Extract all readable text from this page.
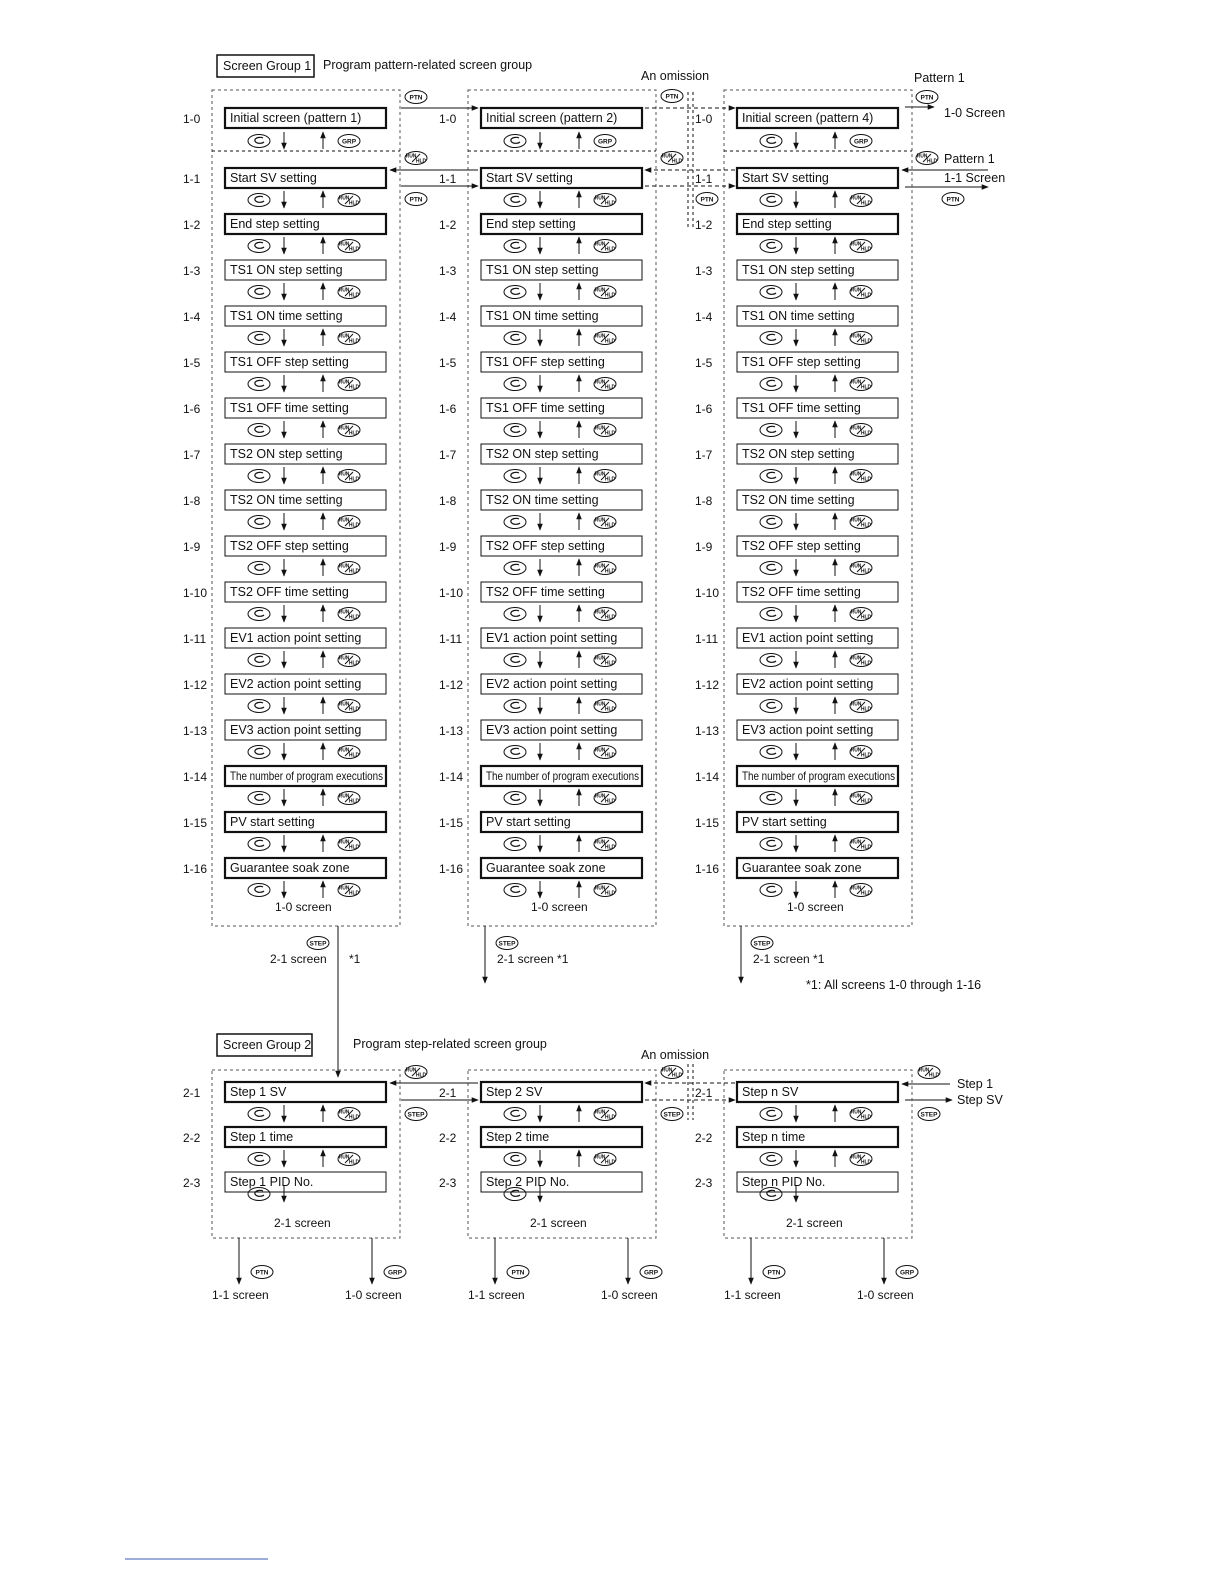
Screen Group 1 Program pattern-related screen group
An omission	Pattern 1
1-0 Screen
Pattern 1
1-1 Screen
*1: All screens 1-0 through 1-16
Screen Group 2	Program step-related screen group
An omission
Step 1
Step SV
1-0 Initial screen (pattern 1)
GRP
1-1 Start SV setting
RUN
HLD
1-2 End step setting
RUN
HLD
1-3 TS1 ON step setting
RUN
HLD
1-4 TS1 ON time setting
RUN
HLD
1-5 TS1 OFF step setting
RUN
HLD
1-6 TS1 OFF time setting
RUN
HLD
1-7 TS2 ON step setting
RUN
HLD
1-8 TS2 ON time setting
RUN
HLD
1-9 TS2 OFF step setting
RUN
HLD
1-10 TS2 OFF time setting
RUN
HLD
1-11 EV1 action point setting
RUN
HLD
1-12 EV2 action point setting
RUN
HLD
1-13 EV3 action point setting
RUN
HLD
1-14 The number of program executions
RUN
HLD
1-15 PV start setting
RUN
HLD
1-16 Guarantee soak zone
RUN
HLD
1-0 screen
1-0 Initial screen (pattern 2)
GRP
1-1 Start SV setting
RUN
HLD
1-2 End step setting
RUN
HLD
1-3 TS1 ON step setting
RUN
HLD
1-4 TS1 ON time setting
RUN
HLD
1-5 TS1 OFF step setting
RUN
HLD
1-6 TS1 OFF time setting
RUN
HLD
1-7 TS2 ON step setting
RUN
HLD
1-8 TS2 ON time setting
RUN
HLD
1-9 TS2 OFF step setting
RUN
HLD
1-10 TS2 OFF time setting
RUN
HLD
1-11 EV1 action point setting
RUN
HLD
1-12 EV2 action point setting
RUN
HLD
1-13 EV3 action point setting
RUN
HLD
1-14 The number of program executions
RUN
HLD
1-15 PV start setting
RUN
HLD
1-16 Guarantee soak zone
RUN
HLD
1-0 screen
1-0 Initial screen (pattern 4)
GRP
1-1 Start SV setting
RUN
HLD
1-2 End step setting
RUN
HLD
1-3 TS1 ON step setting
RUN
HLD
1-4 TS1 ON time setting
RUN
HLD
1-5 TS1 OFF step setting
RUN
HLD
1-6 TS1 OFF time setting
RUN
HLD
1-7 TS2 ON step setting
RUN
HLD
1-8 TS2 ON time setting
RUN
HLD
1-9 TS2 OFF step setting
RUN
HLD
1-10 TS2 OFF time setting
RUN
HLD
1-11 EV1 action point setting
RUN
HLD
1-12 EV2 action point setting
RUN
HLD
1-13 EV3 action point setting
RUN
HLD
1-14 The number of program executions
RUN
HLD
1-15 PV start setting
RUN
HLD
1-16 Guarantee soak zone
RUN
HLD
1-0 screen
PTN	PTN	PTN
RUN
HLD
RUN
HLD
RUN
HLD
PTN	PTN	PTN
STEP	STEP	STEP
2-1 screen *1	2-1 screen *1	2-1 screen *1
2-1 Step 1 SV
RUN
HLD
2-2 Step 1 time
RUN
HLD
2-3 Step 1 PID No.
2-1 screen
PTN	GRP
1-1 screen	1-0 screen
2-1 Step 2 SV
RUN
HLD
2-2 Step 2 time
RUN
HLD
2-3 Step 2 PID No.
2-1 screen
PTN	GRP
1-1 screen	1-0 screen
2-1 Step n SV
RUN
HLD
2-2 Step n time
RUN
HLD
2-3 Step n PID No.
2-1 screen
PTN	GRP
1-1 screen	1-0 screen
RUN
HLD
RUN
HLD
RUN
HLD
STEP	STEP	STEP
